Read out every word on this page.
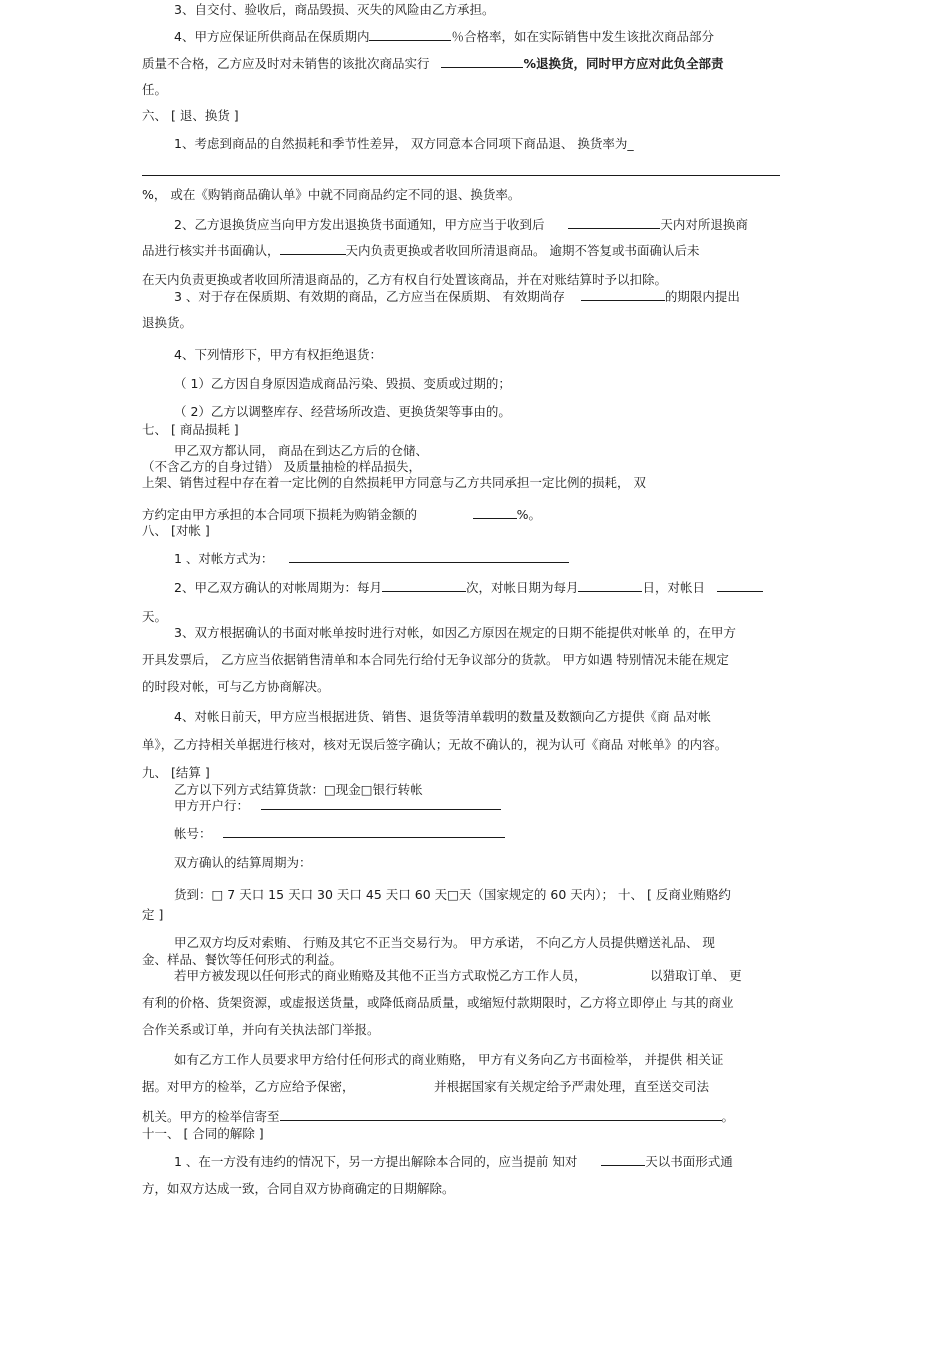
3、自交付、验收后，商品毁损、灭失的风险由乙方承担。
4、甲方应保证所供商品在保质期内	％合格率，如在实际销售中发生该批次商品部分
质量不合格，乙方应及时对未销售的该批次商品实行	%退换货，同时甲方应对此负全部责
任。
六、 [ 退、换货 ]
1、考虑到商品的自然损耗和季节性差异， 双方同意本合同项下商品退、 换货率为_
%， 或在《购销商品确认单》中就不同商品约定不同的退、换货率。
2、乙方退换货应当向甲方发出退换货书面通知，甲方应当于收到后	天内对所退换商
品进行核实并书面确认，	天内负责更换或者收回所清退商品。 逾期不答复或书面确认后未
在天内负责更换或者收回所清退商品的，乙方有权自行处置该商品，并在对账结算时予以扣除。
3 、对于存在保质期、有效期的商品，乙方应当在保质期、 有效期尚存	的期限内提出
退换货。
4、下列情形下，甲方有权拒绝退货：
（ 1）乙方因自身原因造成商品污染、毁损、变质或过期的；
（ 2）乙方以调整库存、经营场所改造、更换货架等事由的。
七、 [ 商品损耗 ]
甲乙双方都认同， 商品在到达乙方后的仓储、
（不含乙方的自身过错） 及质量抽检的样品损失，
上架、销售过程中存在着一定比例的自然损耗甲方同意与乙方共同承担一定比例的损耗， 双
方约定由甲方承担的本合同项下损耗为购销金额的	%。
八、 [对帐 ]
1 、对帐方式为：
2、甲乙双方确认的对帐周期为：每月	次，对帐日期为每月	日，对帐日
天。
3、双方根据确认的书面对帐单按时进行对帐，如因乙方原因在规定的日期不能提供对帐单 的，在甲方
开具发票后， 乙方应当依据销售清单和本合同先行给付无争议部分的货款。 甲方如遇 特别情况未能在规定
的时段对帐，可与乙方协商解决。
4、对帐日前天，甲方应当根据进货、销售、退货等清单载明的数量及数额向乙方提供《商 品对帐
单》，乙方持相关单据进行核对，核对无误后签字确认；无故不确认的，视为认可《商品 对帐单》的内容。
九、 [结算 ]
乙方以下列方式结算货款：□现金□银行转帐
甲方开户行：
帐号：
双方确认的结算周期为：
货到：□ 7 天口 15 天口 30 天口 45 天口 60 天□天（国家规定的 60 天内）； 十、 [ 反商业贿赂约
定 ]
甲乙双方均反对索贿、 行贿及其它不正当交易行为。 甲方承诺， 不向乙方人员提供赠送礼品、 现
金、样品、餐饮等任何形式的利益。
若甲方被发现以任何形式的商业贿赂及其他不正当方式取悦乙方工作人员，	以猎取订单、 更
有利的价格、货架资源，或虚报送货量，或降低商品质量，或缩短付款期限时，乙方将立即停止 与其的商业
合作关系或订单，并向有关执法部门举报。
如有乙方工作人员要求甲方给付任何形式的商业贿赂， 甲方有义务向乙方书面检举， 并提供 相关证
据。对甲方的检举，乙方应给予保密，	并根据国家有关规定给予严肃处理，直至送交司法
机关。甲方的检举信寄至	。
十一、 [ 合同的解除 ]
1 、在一方没有违约的情况下，另一方提出解除本合同的，应当提前 知对	天以书面形式通
方，如双方达成一致，合同自双方协商确定的日期解除。
